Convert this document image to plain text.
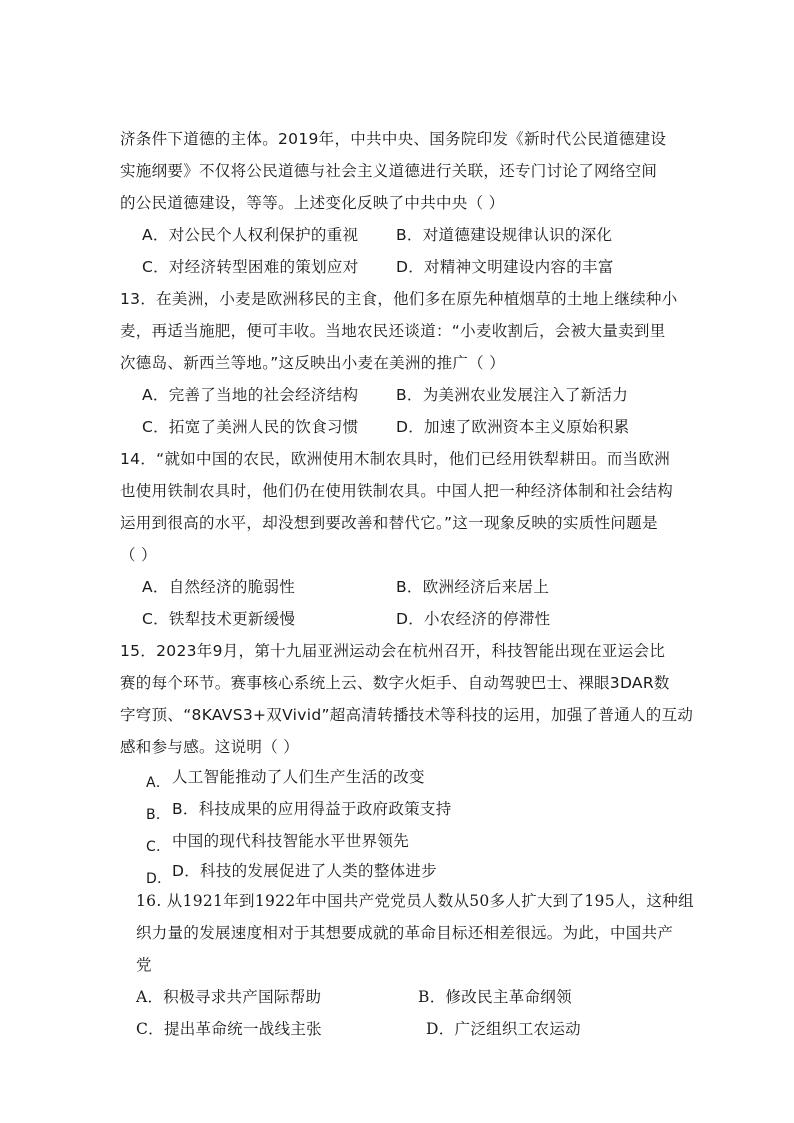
济条件下道德的主体。2019年，中共中央、国务院印发《新时代公民道德建设
实施纲要》不仅将公民道德与社会主义道德进行关联，还专门讨论了网络空间
的公民道德建设，等等。上述变化反映了中共中央（ ）
A．对公民个人权利保护的重视 B．对道德建设规律认识的深化
C．对经济转型困难的策划应对 D．对精神文明建设内容的丰富
13．在美洲，小麦是欧洲移民的主食，他们多在原先种植烟草的土地上继续种小
麦，再适当施肥，便可丰收。当地农民还谈道：“小麦收割后，会被大量卖到里
次德岛、新西兰等地。”这反映出小麦在美洲的推广（ ）
A．完善了当地的社会经济结构 B．为美洲农业发展注入了新活力
C．拓宽了美洲人民的饮食习惯 D．加速了欧洲资本主义原始积累
14．“就如中国的农民，欧洲使用木制农具时，他们已经用铁犁耕田。而当欧洲
也使用铁制农具时，他们仍在使用铁制农具。中国人把一种经济体制和社会结构
运用到很高的水平，却没想到要改善和替代它。”这一现象反映的实质性问题是
（ ）
A．自然经济的脆弱性	B．欧洲经济后来居上
C．铁犁技术更新缓慢	D．小农经济的停滞性
15．2023年9月，第十九届亚洲运动会在杭州召开，科技智能出现在亚运会比
赛的每个环节。赛事核心系统上云、数字火炬手、自动驾驶巴士、裸眼3DAR数
字穹顶、“8KAVS3+双Vivid”超高清转播技术等科技的运用，加强了普通人的互动
感和参与感。这说明（ ）
A． 人工智能推动了人们生产生活的改变
B． B．科技成果的应用得益于政府政策支持
C． 中国的现代科技智能水平世界领先
D． D．科技的发展促进了人类的整体进步
16. 从1921年到1922年中国共产党党员人数从50多人扩大到了195人，这种组
织力量的发展速度相对于其想要成就的革命目标还相差很远。为此，中国共产
党
A．积极寻求共产国际帮助	B．修改民主革命纲领
C．提出革命统一战线主张	D．广泛组织工农运动
